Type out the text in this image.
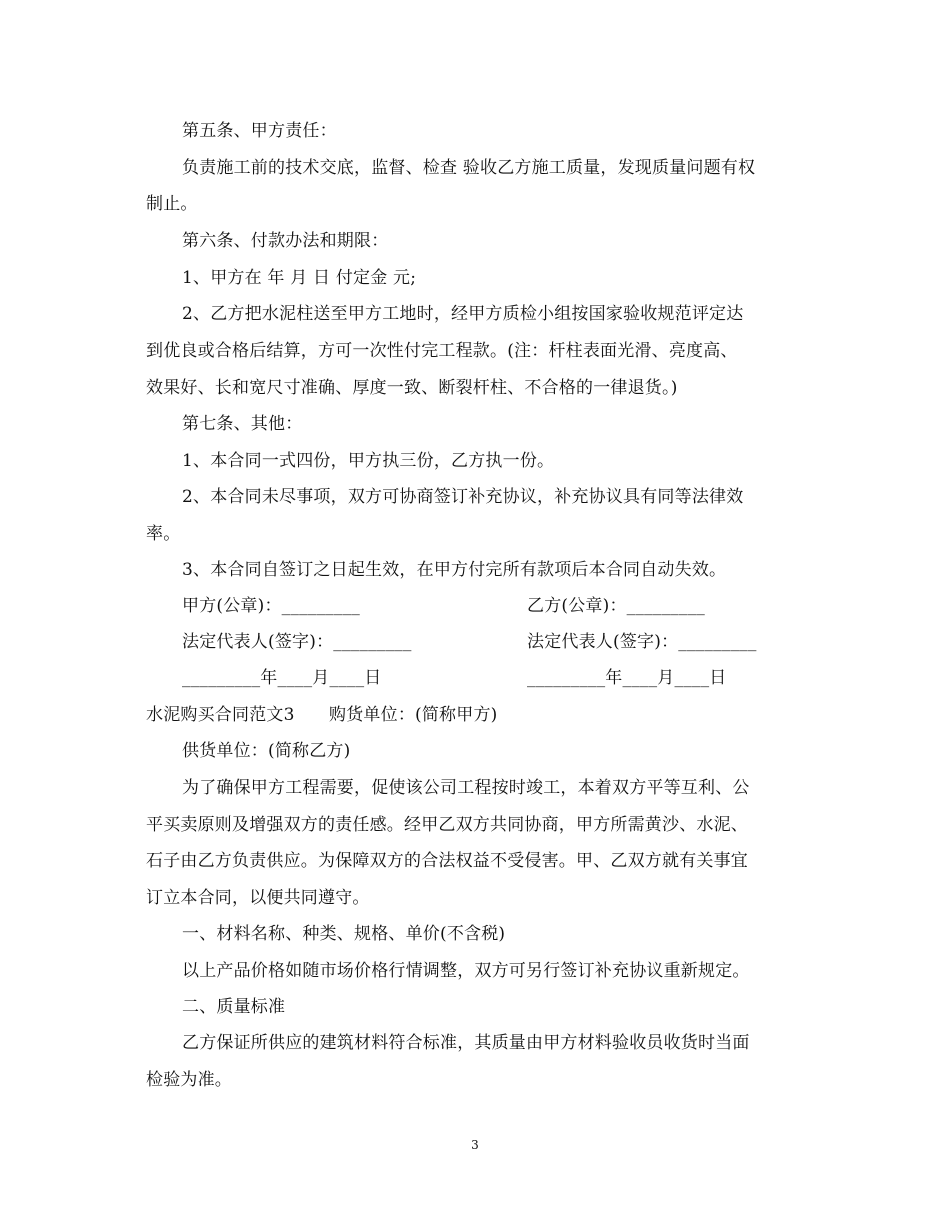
第五条、甲方责任：
负责施工前的技术交底，监督、检查 验收乙方施工质量，发现质量问题有权
制止。
第六条、付款办法和期限：
1、甲方在 年 月 日 付定金 元;
2、乙方把水泥柱送至甲方工地时，经甲方质检小组按国家验收规范评定达
到优良或合格后结算，方可一次性付完工程款。(注：杆柱表面光滑、亮度高、
效果好、长和宽尺寸准确、厚度一致、断裂杆柱、不合格的一律退货。)
第七条、其他：
1、本合同一式四份，甲方执三份，乙方执一份。
2、本合同未尽事项，双方可协商签订补充协议，补充协议具有同等法律效
率。
3、本合同自签订之日起生效，在甲方付完所有款项后本合同自动失效。
甲方(公章)：_________	乙方(公章)：_________
法定代表人(签字)：_________	法定代表人(签字)：_________
_________年____月____日	_________年____月____日
水泥购买合同范文3　　购货单位：(简称甲方)
供货单位：(简称乙方)
为了确保甲方工程需要，促使该公司工程按时竣工，本着双方平等互利、公
平买卖原则及增强双方的责任感。经甲乙双方共同协商，甲方所需黄沙、水泥、
石子由乙方负责供应。为保障双方的合法权益不受侵害。甲、乙双方就有关事宜
订立本合同，以便共同遵守。
一、材料名称、种类、规格、单价(不含税)
以上产品价格如随市场价格行情调整，双方可另行签订补充协议重新规定。
二、质量标准
乙方保证所供应的建筑材料符合标准，其质量由甲方材料验收员收货时当面
检验为准。
3
